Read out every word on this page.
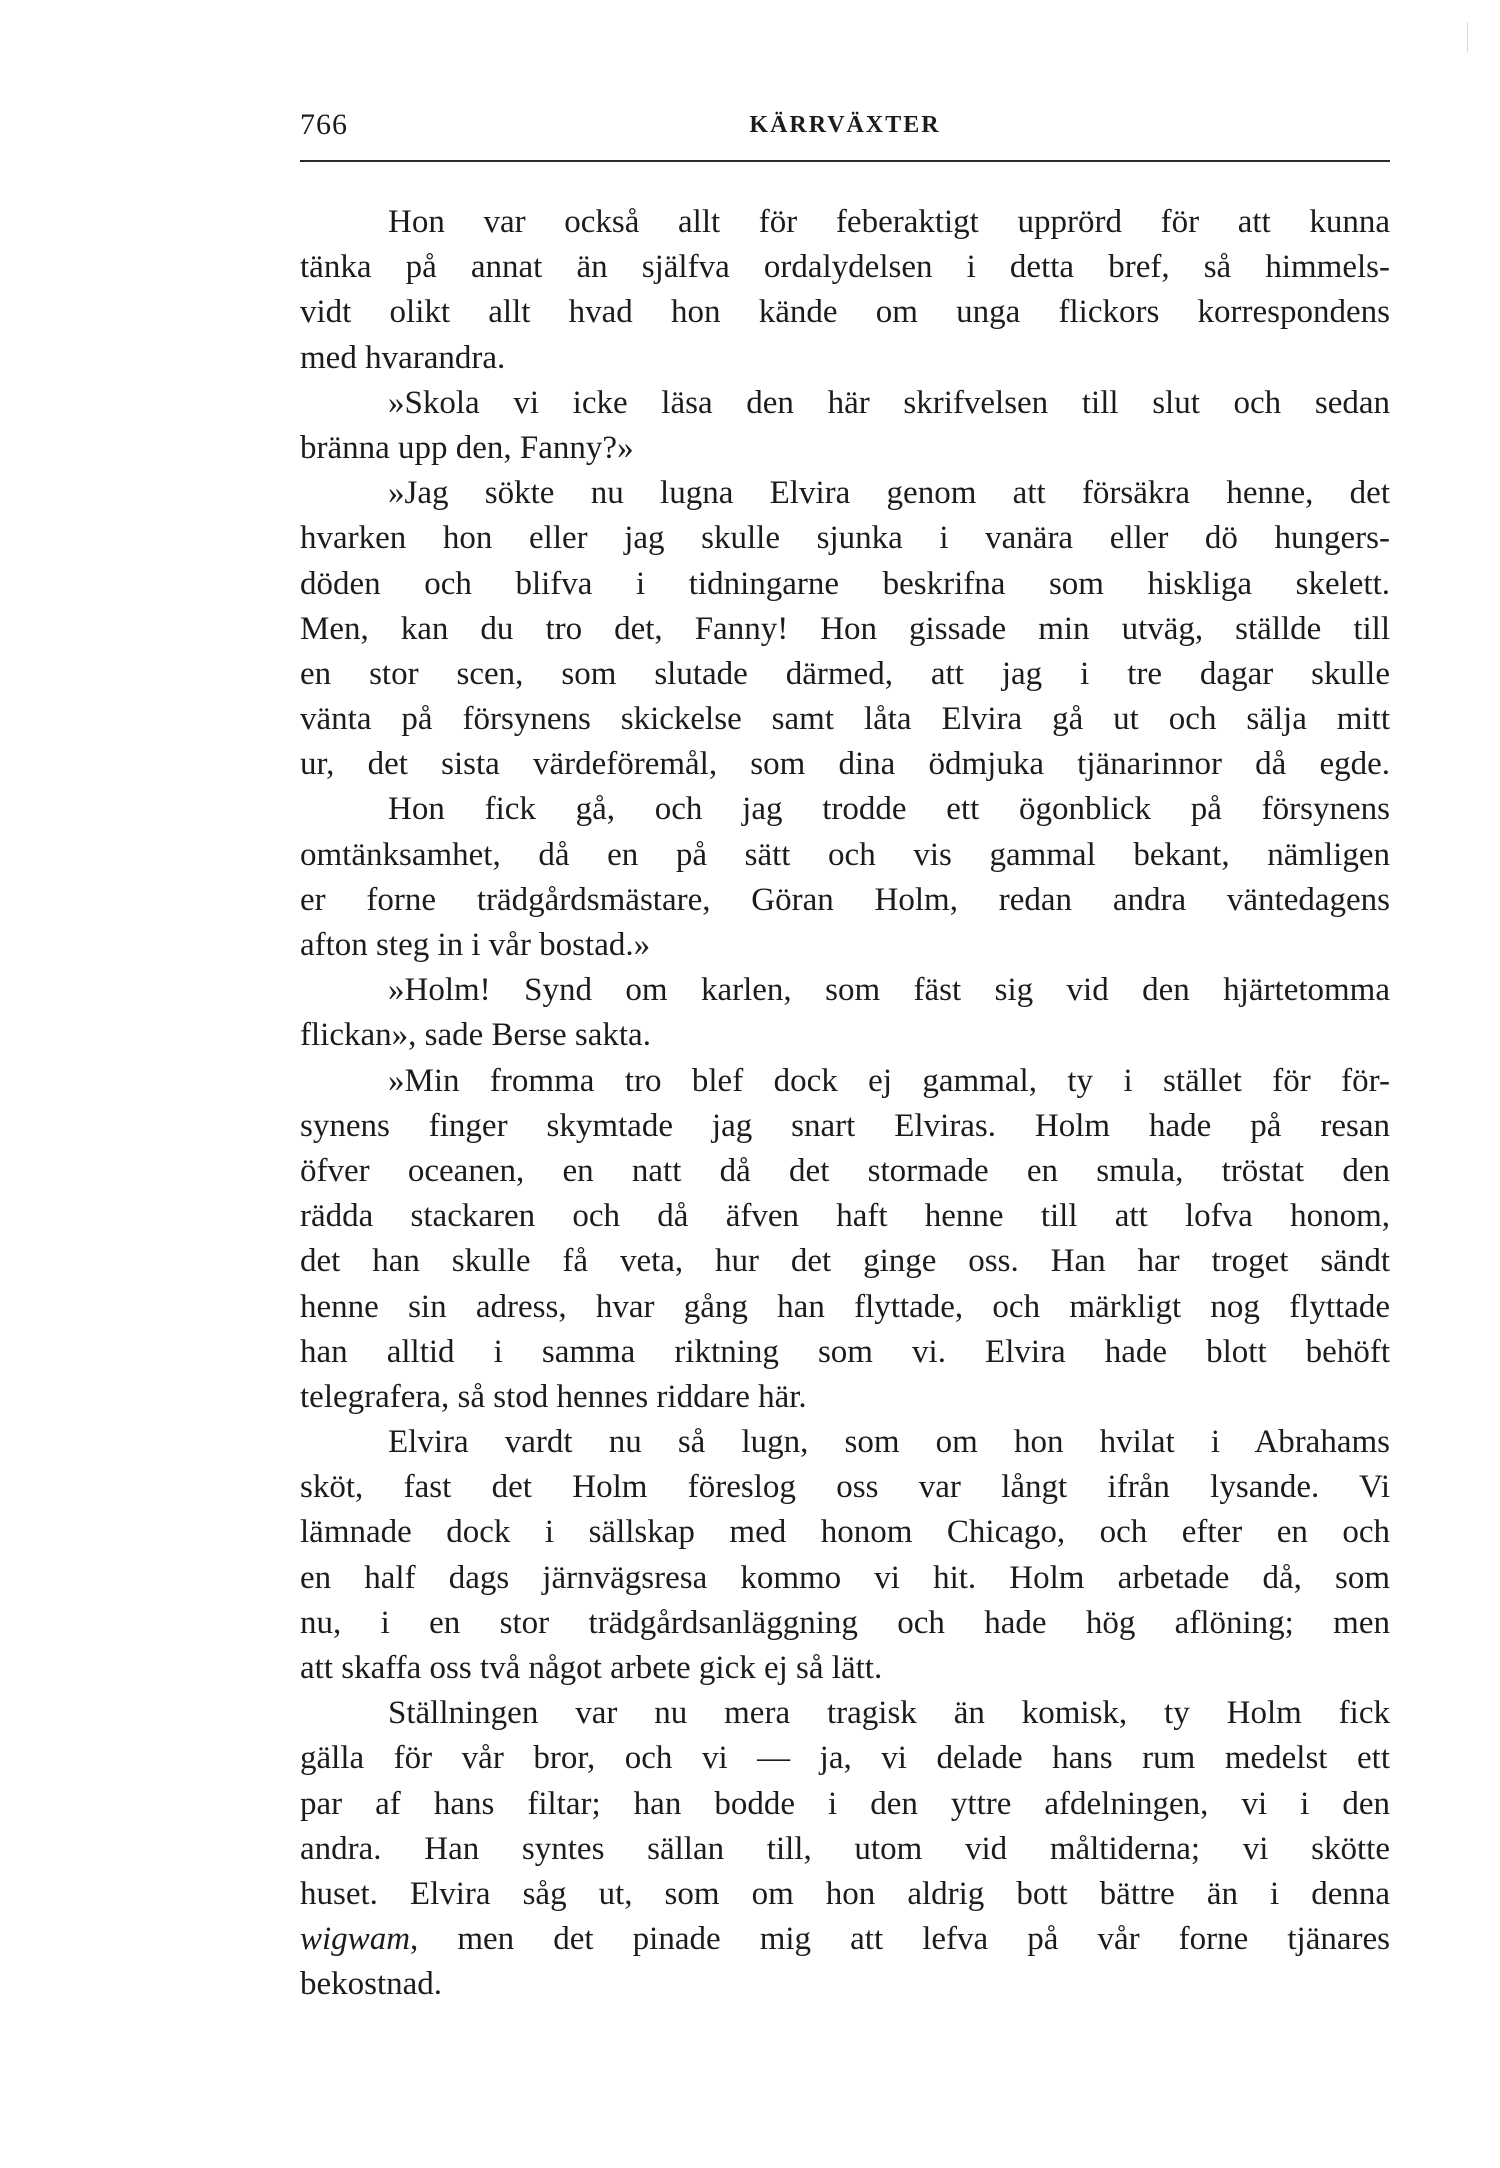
766	KÄRRVÄXTER
Hon var också allt för feberaktigt upprörd för att kunna
tänka på annat än själfva ordalydelsen i detta bref, så himmels-
vidt olikt allt hvad hon kände om unga flickors korrespondens
med hvarandra.
»Skola vi icke läsa den här skrifvelsen till slut och sedan
bränna upp den, Fanny?»
»Jag sökte nu lugna Elvira genom att försäkra henne, det
hvarken hon eller jag skulle sjunka i vanära eller dö hungers-
döden och blifva i tidningarne beskrifna som hiskliga skelett.
Men, kan du tro det, Fanny! Hon gissade min utväg, ställde till
en stor scen, som slutade därmed, att jag i tre dagar skulle
vänta på försynens skickelse samt låta Elvira gå ut och sälja mitt
ur, det sista värdeföremål, som dina ödmjuka tjänarinnor då egde.
Hon fick gå, och jag trodde ett ögonblick på försynens
omtänksamhet, då en på sätt och vis gammal bekant, nämligen
er forne trädgårdsmästare, Göran Holm, redan andra väntedagens
afton steg in i vår bostad.»
»Holm! Synd om karlen, som fäst sig vid den hjärtetomma
flickan», sade Berse sakta.
»Min fromma tro blef dock ej gammal, ty i stället för för-
synens finger skymtade jag snart Elviras. Holm hade på resan
öfver oceanen, en natt då det stormade en smula, tröstat den
rädda stackaren och då äfven haft henne till att lofva honom,
det han skulle få veta, hur det ginge oss. Han har troget sändt
henne sin adress, hvar gång han flyttade, och märkligt nog flyttade
han alltid i samma riktning som vi. Elvira hade blott behöft
telegrafera, så stod hennes riddare här.
Elvira vardt nu så lugn, som om hon hvilat i Abrahams
sköt, fast det Holm föreslog oss var långt ifrån lysande. Vi
lämnade dock i sällskap med honom Chicago, och efter en och
en half dags järnvägsresa kommo vi hit. Holm arbetade då, som
nu, i en stor trädgårdsanläggning och hade hög aflöning; men
att skaffa oss två något arbete gick ej så lätt.
Ställningen var nu mera tragisk än komisk, ty Holm fick
gälla för vår bror, och vi — ja, vi delade hans rum medelst ett
par af hans filtar; han bodde i den yttre afdelningen, vi i den
andra. Han syntes sällan till, utom vid måltiderna; vi skötte
huset. Elvira såg ut, som om hon aldrig bott bättre än i denna
wigwam, men det pinade mig att lefva på vår forne tjänares
bekostnad.
